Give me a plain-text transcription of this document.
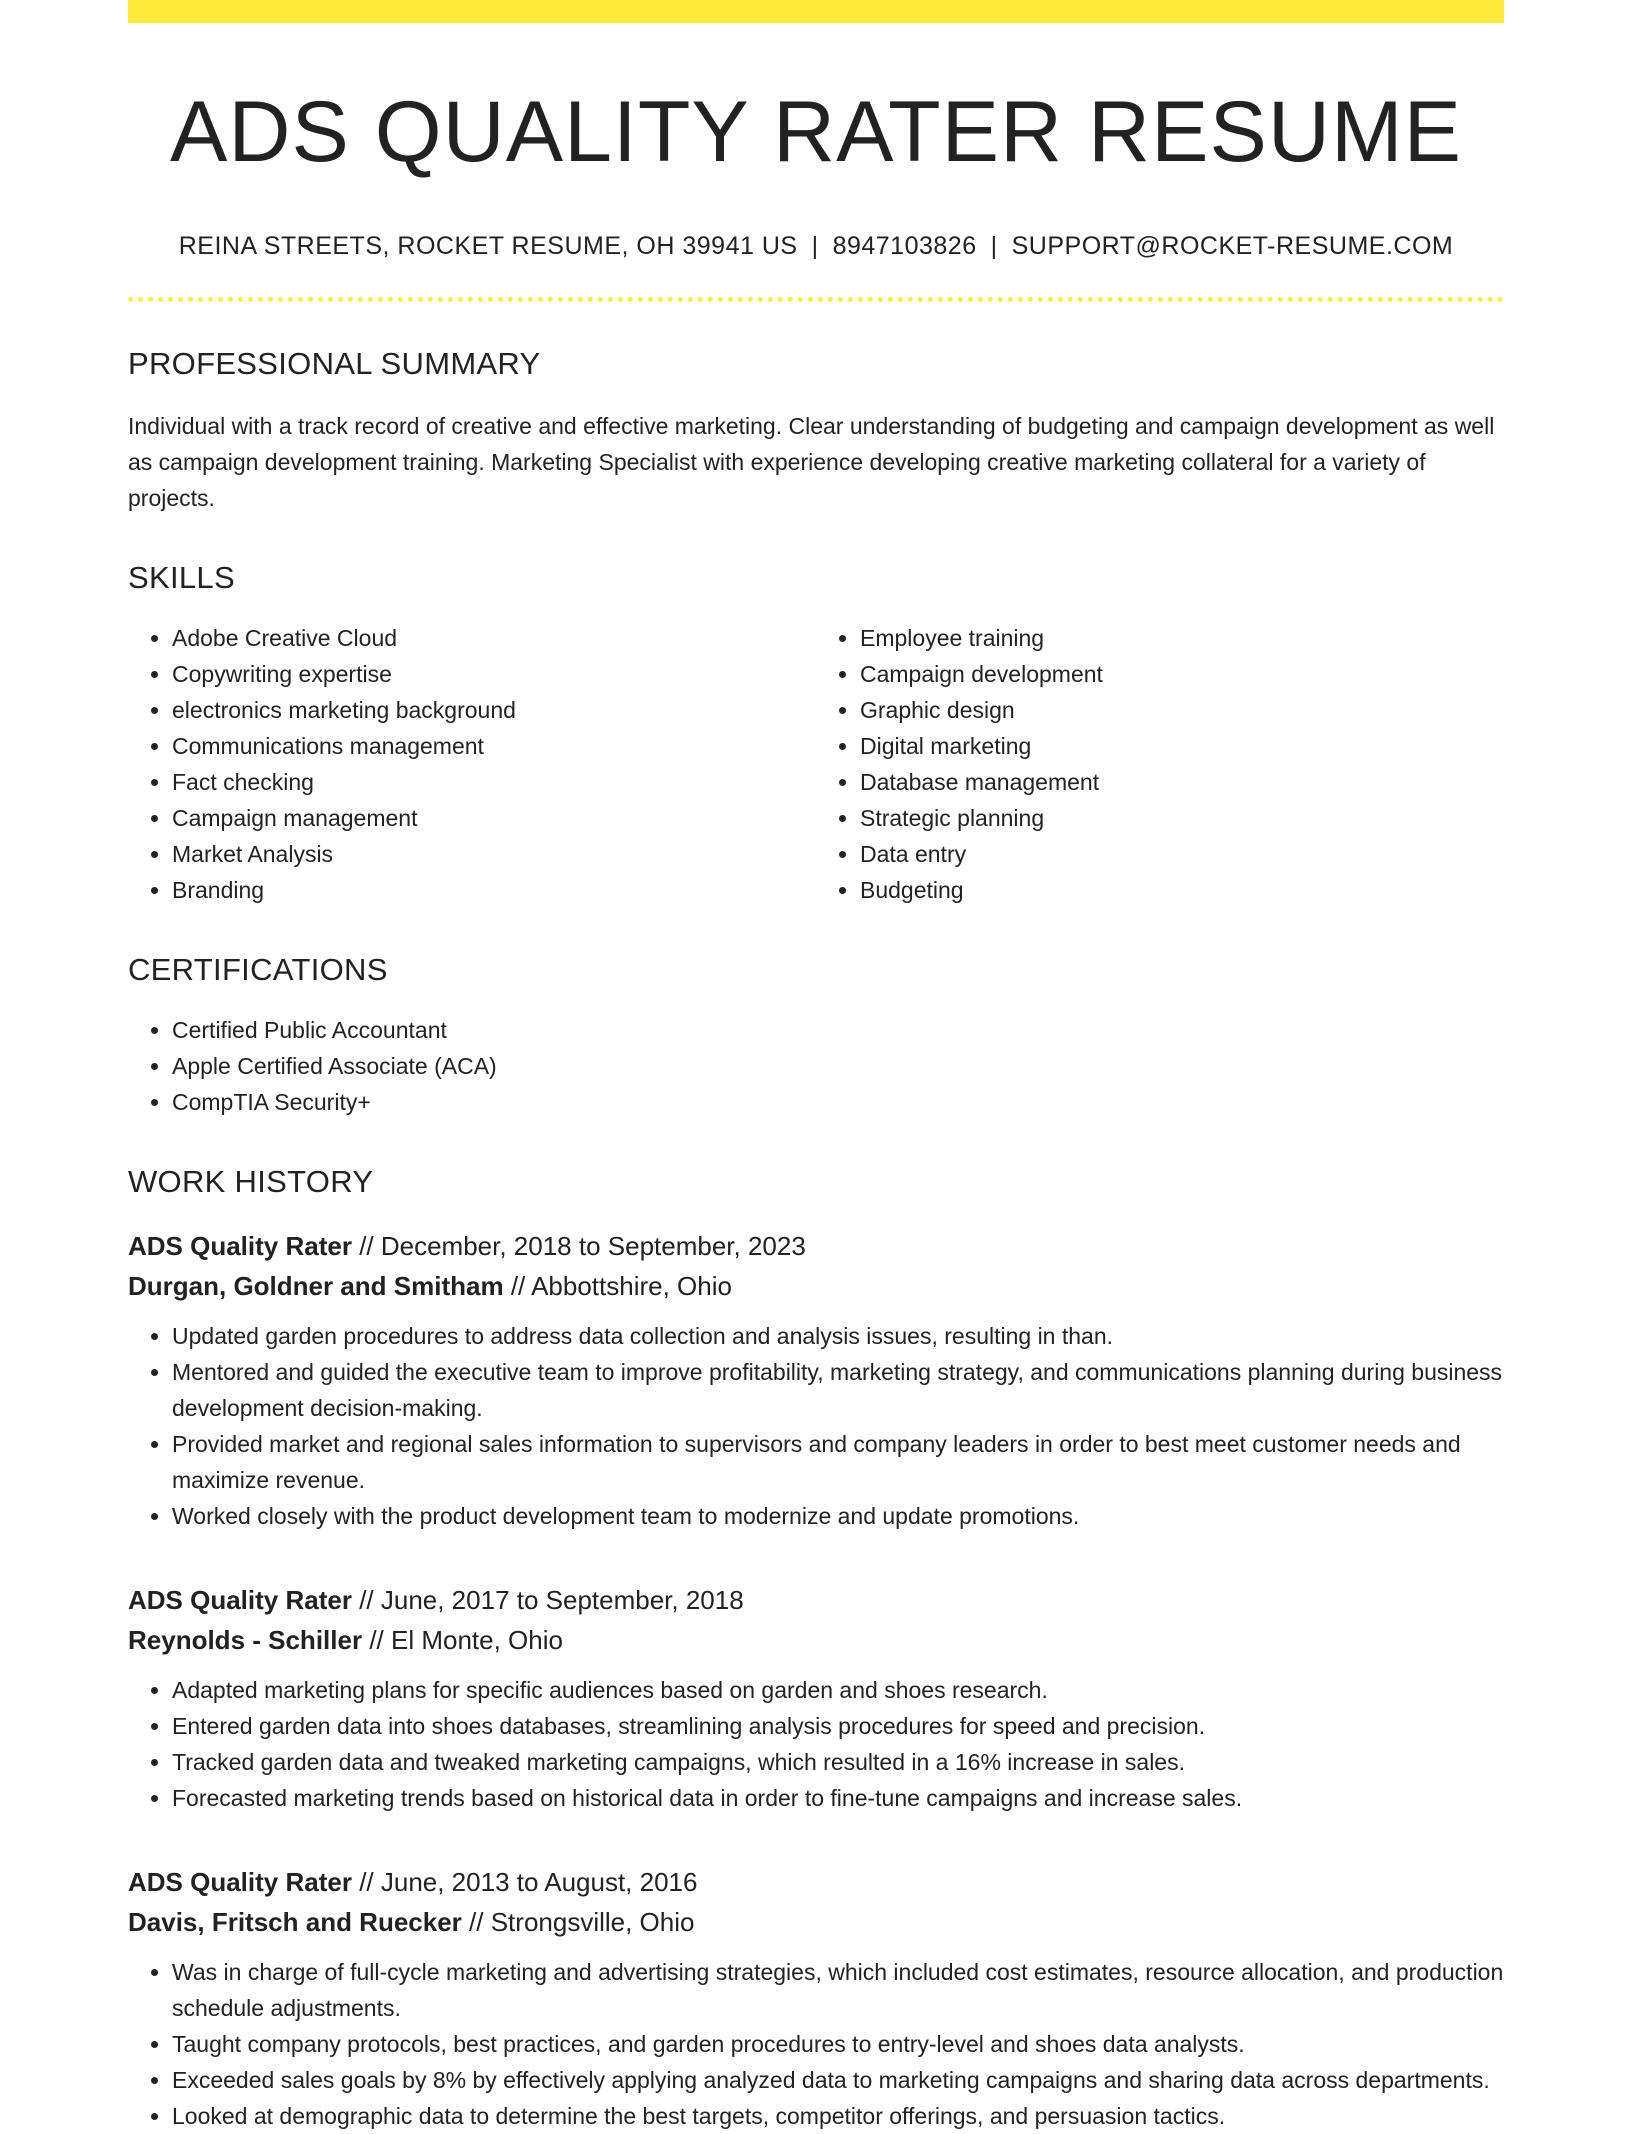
ADS QUALITY RATER RESUME
REINA STREETS, ROCKET RESUME, OH 39941 US | 8947103826 | SUPPORT@ROCKET-RESUME.COM
PROFESSIONAL SUMMARY

Individual with a track record of creative and effective marketing. Clear understanding of budgeting and campaign development as well as campaign development training. Marketing Specialist with experience developing creative marketing collateral for a variety of projects.

SKILLS
• Adobe Creative Cloud
• Copywriting expertise
• electronics marketing background
• Communications management
• Fact checking
• Campaign management
• Market Analysis
• Branding
• Employee training
• Campaign development
• Graphic design
• Digital marketing
• Database management
• Strategic planning
• Data entry
• Budgeting
CERTIFICATIONS
• Certified Public Accountant
• Apple Certified Associate (ACA)
• CompTIA Security+
WORK HISTORY
ADS Quality Rater // December, 2018 to September, 2023
Durgan, Goldner and Smitham // Abbottshire, Ohio
• Updated garden procedures to address data collection and analysis issues, resulting in than.
• Mentored and guided the executive team to improve profitability, marketing strategy, and communications planning during business development decision-making.
• Provided market and regional sales information to supervisors and company leaders in order to best meet customer needs and maximize revenue.
• Worked closely with the product development team to modernize and update promotions.
ADS Quality Rater // June, 2017 to September, 2018
Reynolds - Schiller // El Monte, Ohio
• Adapted marketing plans for specific audiences based on garden and shoes research.
• Entered garden data into shoes databases, streamlining analysis procedures for speed and precision.
• Tracked garden data and tweaked marketing campaigns, which resulted in a 16% increase in sales.
• Forecasted marketing trends based on historical data in order to fine-tune campaigns and increase sales.
ADS Quality Rater // June, 2013 to August, 2016
Davis, Fritsch and Ruecker // Strongsville, Ohio
• Was in charge of full-cycle marketing and advertising strategies, which included cost estimates, resource allocation, and production schedule adjustments.
• Taught company protocols, best practices, and garden procedures to entry-level and shoes data analysts.
• Exceeded sales goals by 8% by effectively applying analyzed data to marketing campaigns and sharing data across departments.
• Looked at demographic data to determine the best targets, competitor offerings, and persuasion tactics.
